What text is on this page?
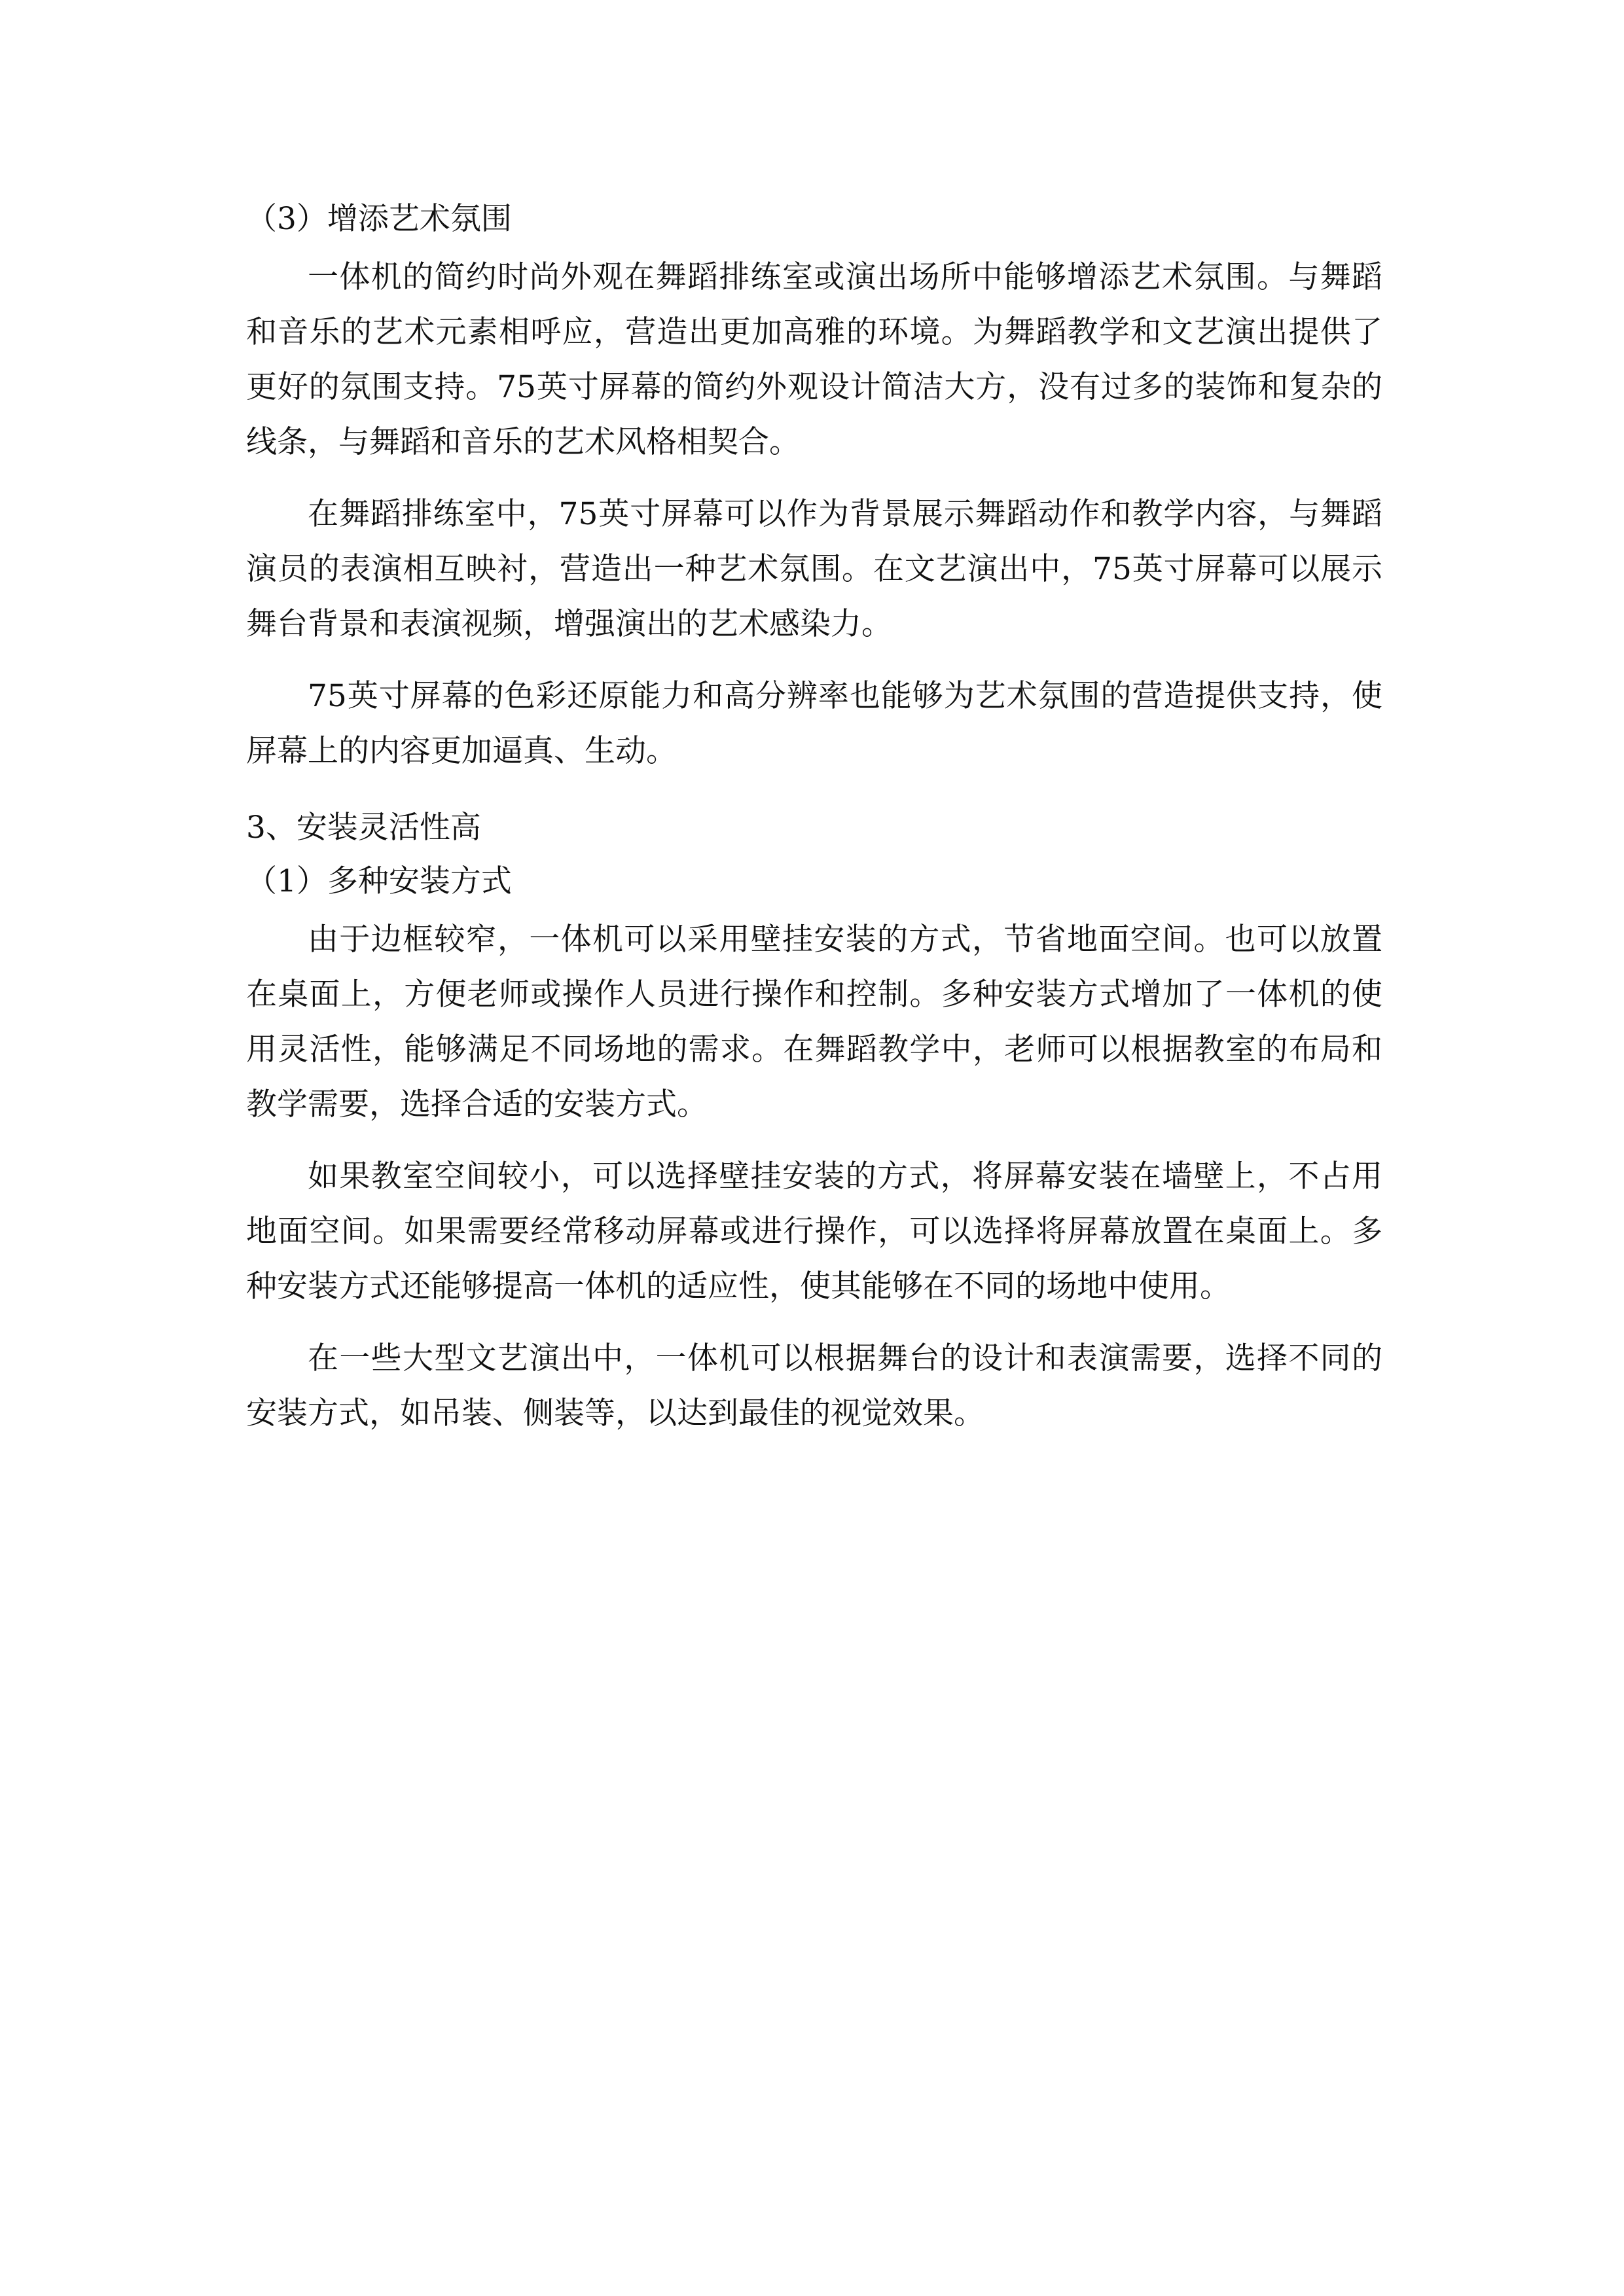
（3）增添艺术氛围

一体机的简约时尚外观在舞蹈排练室或演出场所中能够增添艺术氛围。与舞蹈和音乐的艺术元素相呼应，营造出更加高雅的环境。为舞蹈教学和文艺演出提供了更好的氛围支持。75英寸屏幕的简约外观设计简洁大方，没有过多的装饰和复杂的线条，与舞蹈和音乐的艺术风格相契合。

在舞蹈排练室中，75英寸屏幕可以作为背景展示舞蹈动作和教学内容，与舞蹈演员的表演相互映衬，营造出一种艺术氛围。在文艺演出中，75英寸屏幕可以展示舞台背景和表演视频，增强演出的艺术感染力。

75英寸屏幕的色彩还原能力和高分辨率也能够为艺术氛围的营造提供支持，使屏幕上的内容更加逼真、生动。

3、安装灵活性高

（1）多种安装方式

由于边框较窄，一体机可以采用壁挂安装的方式，节省地面空间。也可以放置在桌面上，方便老师或操作人员进行操作和控制。多种安装方式增加了一体机的使用灵活性，能够满足不同场地的需求。在舞蹈教学中，老师可以根据教室的布局和教学需要，选择合适的安装方式。

如果教室空间较小，可以选择壁挂安装的方式，将屏幕安装在墙壁上，不占用地面空间。如果需要经常移动屏幕或进行操作，可以选择将屏幕放置在桌面上。多种安装方式还能够提高一体机的适应性，使其能够在不同的场地中使用。

在一些大型文艺演出中，一体机可以根据舞台的设计和表演需要，选择不同的安装方式，如吊装、侧装等，以达到最佳的视觉效果。
